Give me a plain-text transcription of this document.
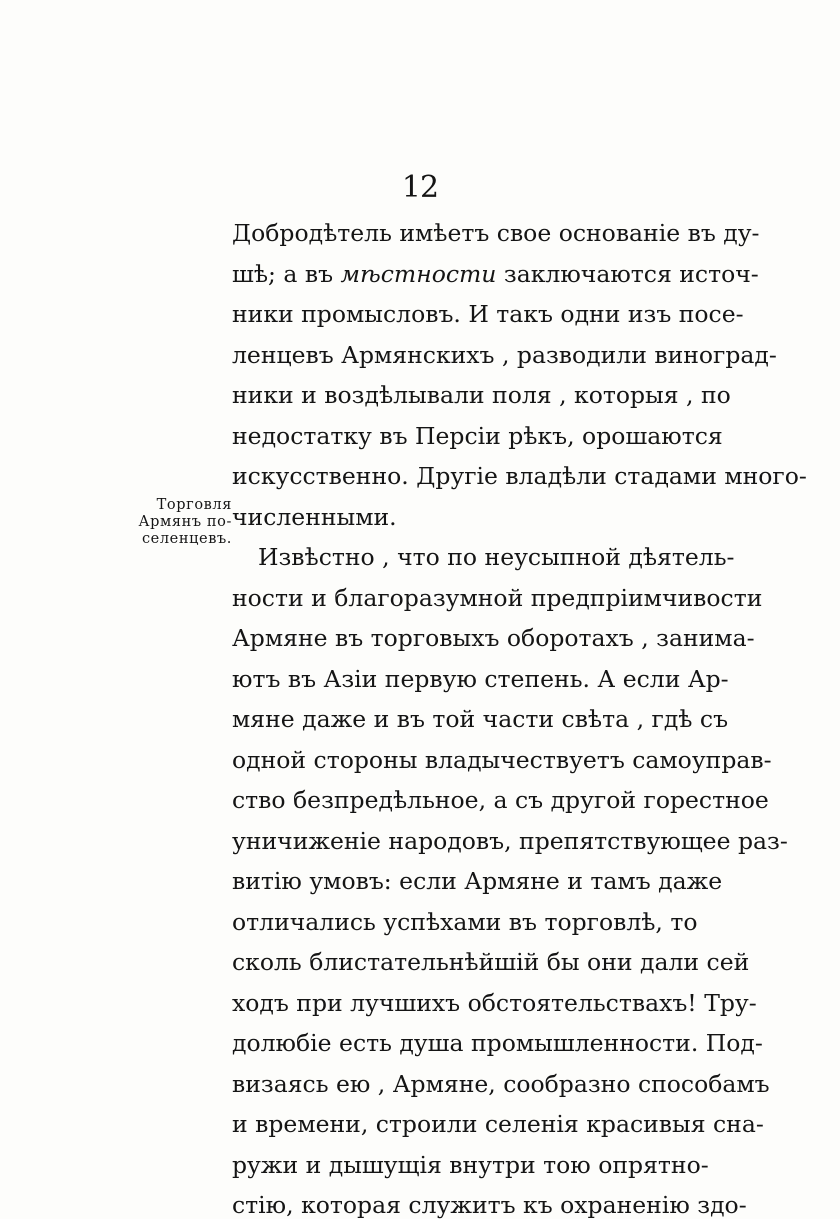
12
Торговля
Армянъ по-
селенцевъ.
Добродѣтель имѣетъ свое основаніе въ ду-
шѣ; а въ мѣстности заключаются источ-
ники промысловъ. И такъ одни изъ посе-
ленцевъ Армянскихъ , разводили виноград-
ники и воздѣлывали поля , которыя , по
недостатку въ Персіи рѣкъ, орошаются
искусственно. Другіе владѣли стадами много-
численными.
Извѣстно , что по неусыпной дѣятель-
ности и благоразумной предпріимчивости
Армяне въ торговыхъ оборотахъ , занима-
ютъ въ Азіи первую степень. А если Ар-
мяне даже и въ той части свѣта , гдѣ съ
одной стороны владычествуетъ самоуправ-
ство безпредѣльное, а съ другой горестное
уничиженіе народовъ, препятствующее раз-
витію умовъ: если Армяне и тамъ даже
отличались успѣхами въ торговлѣ, то
сколь блистательнѣйшій бы они дали сей
ходъ при лучшихъ обстоятельствахъ! Тру-
долюбіе есть душа промышленности. Под-
визаясь ею , Армяне, сообразно способамъ
и времени, строили селенія красивыя сна-
ружи и дышущія внутри тою опрятно-
стію, которая служитъ къ охраненію здо-
